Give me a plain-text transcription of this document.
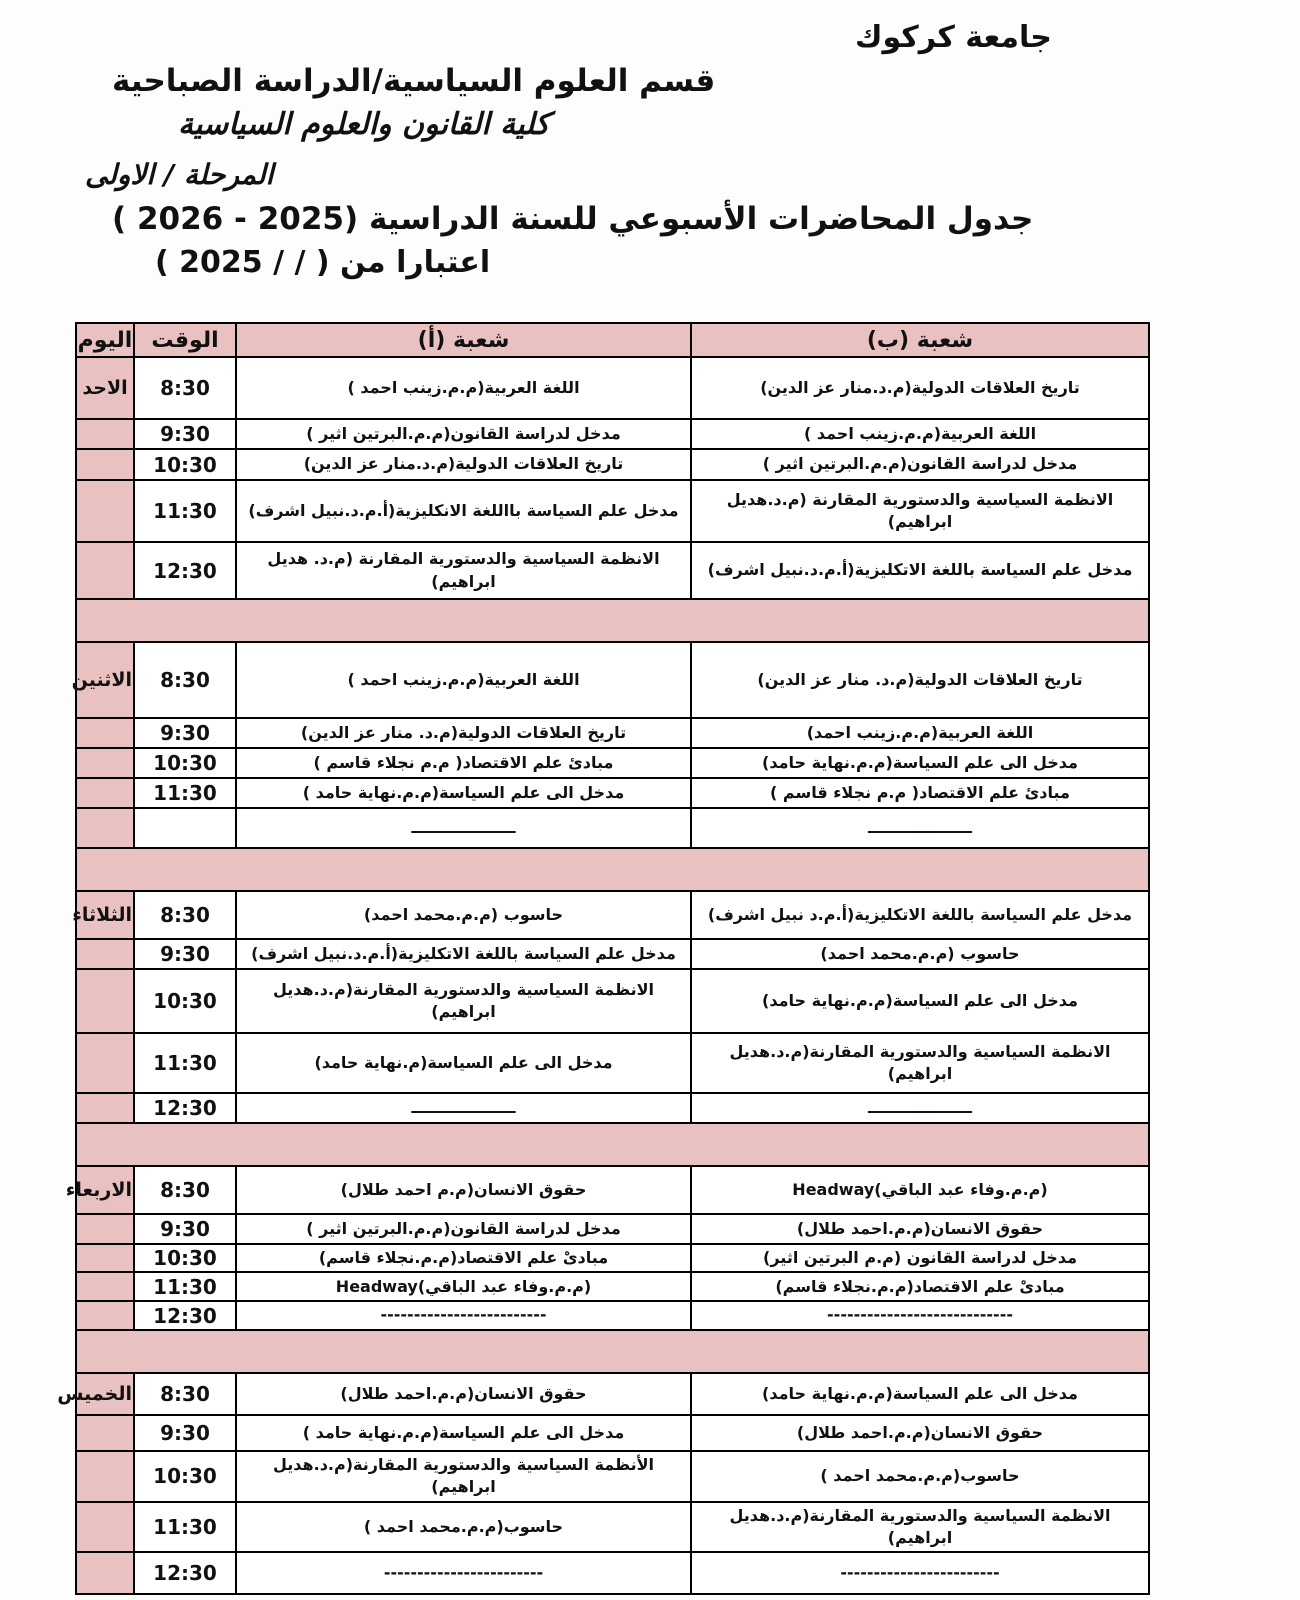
جامعة كركوك
قسم العلوم السياسية/الدراسة الصباحية
كلية القانون والعلوم السياسية
المرحلة / الاولى
جدول المحاضرات الأسبوعي للسنة الدراسية (2025 - 2026 )
اعتبارا من ( / / 2025 )
اليوم	الوقت	شعبة (أ)	شعبة (ب)
الاحد	8:30	اللغة العربية(م.م.زينب احمد )	تاريخ العلاقات الدولية(م.د.منار عز الدين)
	9:30	مدخل لدراسة القانون(م.م.البرتين اثير )	اللغة العربية(م.م.زينب احمد )
	10:30	تاريخ العلاقات الدولية(م.د.منار عز الدين)	مدخل لدراسة القانون(م.م.البرتين اثير )
	11:30	مدخل علم السياسة بااللغة الانكليزية(أ.م.د.نبيل اشرف)	الانظمة السياسية والدستورية المقارنة (م.د.هديل ابراهيم)
	12:30	الانظمة السياسية والدستورية المقارنة (م.د. هديل ابراهيم)	مدخل علم السياسة باللغة الاتكليزية(أ.م.د.نبيل اشرف)

الاثنين	8:30	اللغة العربية(م.م.زينب احمد )	تاريخ العلاقات الدولية(م.د. منار عز الدين)
	9:30	تاريخ العلاقات الدولية(م.د. منار عز الدين)	اللغة العربية(م.م.زينب احمد)
	10:30	مبادئ علم الاقتصاد( م.م نجلاء قاسم )	مدخل الى علم السياسة(م.م.نهاية حامد)
	11:30	مدخل الى علم السياسة(م.م.نهاية حامد )	مبادئ علم الاقتصاد( م.م نجلاء قاسم )
		ـــــــــــــــــــ	ـــــــــــــــــــ

الثلاثاء	8:30	حاسوب (م.م.محمد احمد)	مدخل علم السياسة باللغة الاتكليزية(أ.م.د نبيل اشرف)
	9:30	مدخل علم السياسة باللغة الاتكليزية(أ.م.د.نبيل اشرف)	حاسوب (م.م.محمد احمد)
	10:30	الانظمة السياسية والدستورية المقارنة(م.د.هديل ابراهيم)	مدخل الى علم السياسة(م.م.نهاية حامد)
	11:30	مدخل الى علم السياسة(م.نهاية حامد)	الانظمة السياسية والدستورية المقارنة(م.د.هديل ابراهيم)
	12:30	ـــــــــــــــــــ	ـــــــــــــــــــ

الاربعاء	8:30	حقوق الانسان(م.م احمد طلال)	Headway(م.م.وفاء عبد الباقي)
	9:30	مدخل لدراسة القانون(م.م.البرتين اثير )	حقوق الانسان(م.م.احمد طلال)
	10:30	مبادىْ علم الاقتصاد(م.م.نجلاء قاسم)	مدخل لدراسة القانون (م.م البرتين اثير)
	11:30	(م.م.وفاء عبد الباقي)Headway	مبادىْ علم الاقتصاد(م.م.نجلاء قاسم)
	12:30	-------------------------	----------------------------

الخميس	8:30	حقوق الانسان(م.م.احمد طلال)	مدخل الى علم السياسة(م.م.نهاية حامد)
	9:30	مدخل الى علم السياسة(م.م.نهاية حامد )	حقوق الانسان(م.م.احمد طلال)
	10:30	الأنظمة السياسية والدستورية المقارنة(م.د.هديل ابراهيم)	حاسوب(م.م.محمد احمد )
	11:30	حاسوب(م.م.محمد احمد )	الانظمة السياسية والدستورية المقارنة(م.د.هديل ابراهيم)
	12:30	------------------------	------------------------
